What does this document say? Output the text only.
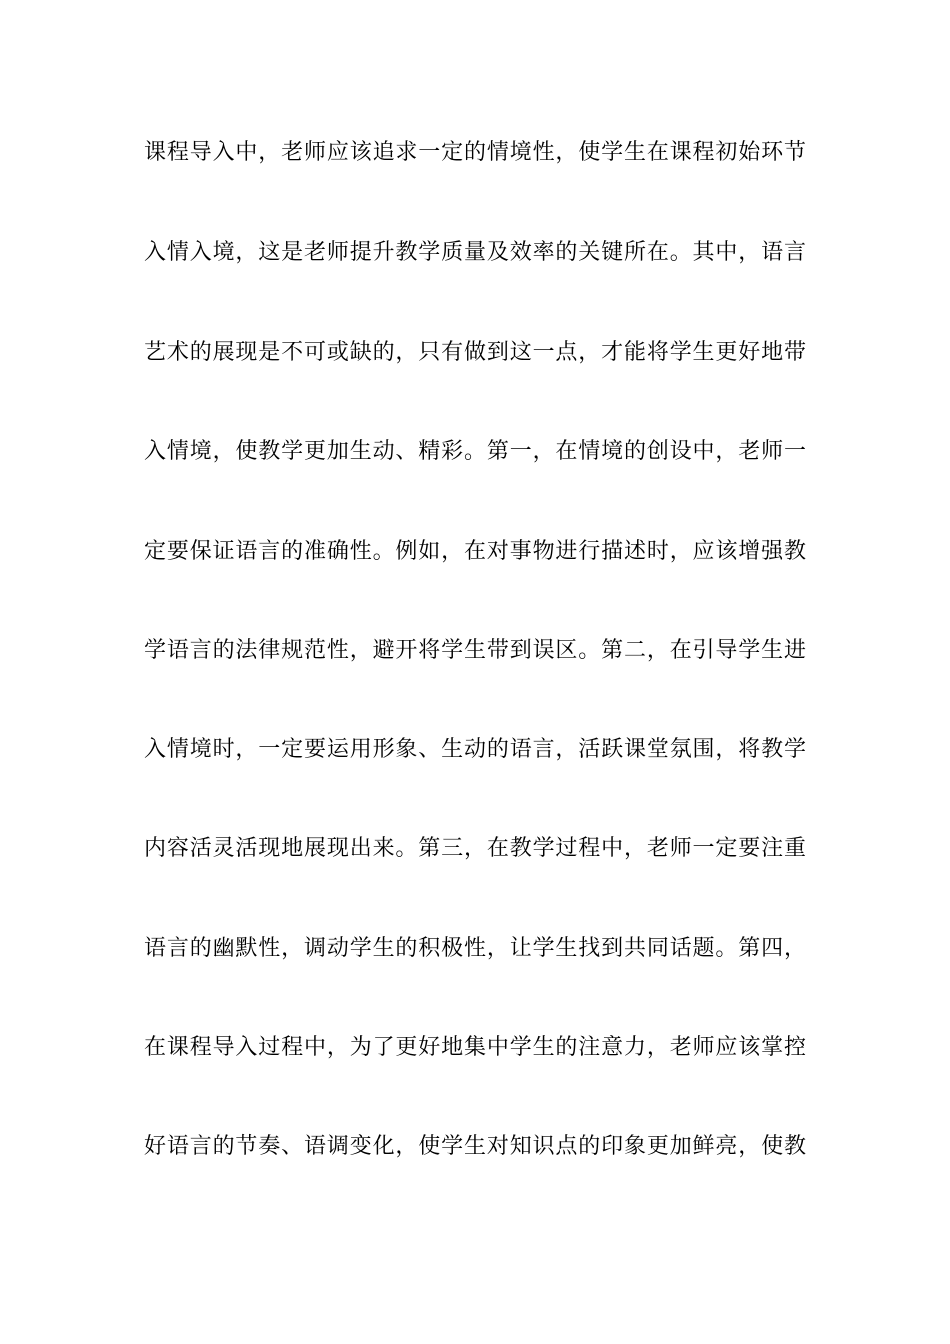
课程导入中，老师应该追求一定的情境性，使学生在课程初始环节
入情入境，这是老师提升教学质量及效率的关键所在。其中，语言
艺术的展现是不可或缺的，只有做到这一点，才能将学生更好地带
入情境，使教学更加生动、精彩。第一，在情境的创设中，老师一
定要保证语言的准确性。例如，在对事物进行描述时，应该增强教
学语言的法律规范性，避开将学生带到误区。第二，在引导学生进
入情境时，一定要运用形象、生动的语言，活跃课堂氛围，将教学
内容活灵活现地展现出来。第三，在教学过程中，老师一定要注重
语言的幽默性，调动学生的积极性，让学生找到共同话题。第四，
在课程导入过程中，为了更好地集中学生的注意力，老师应该掌控
好语言的节奏、语调变化，使学生对知识点的印象更加鲜亮，使教
